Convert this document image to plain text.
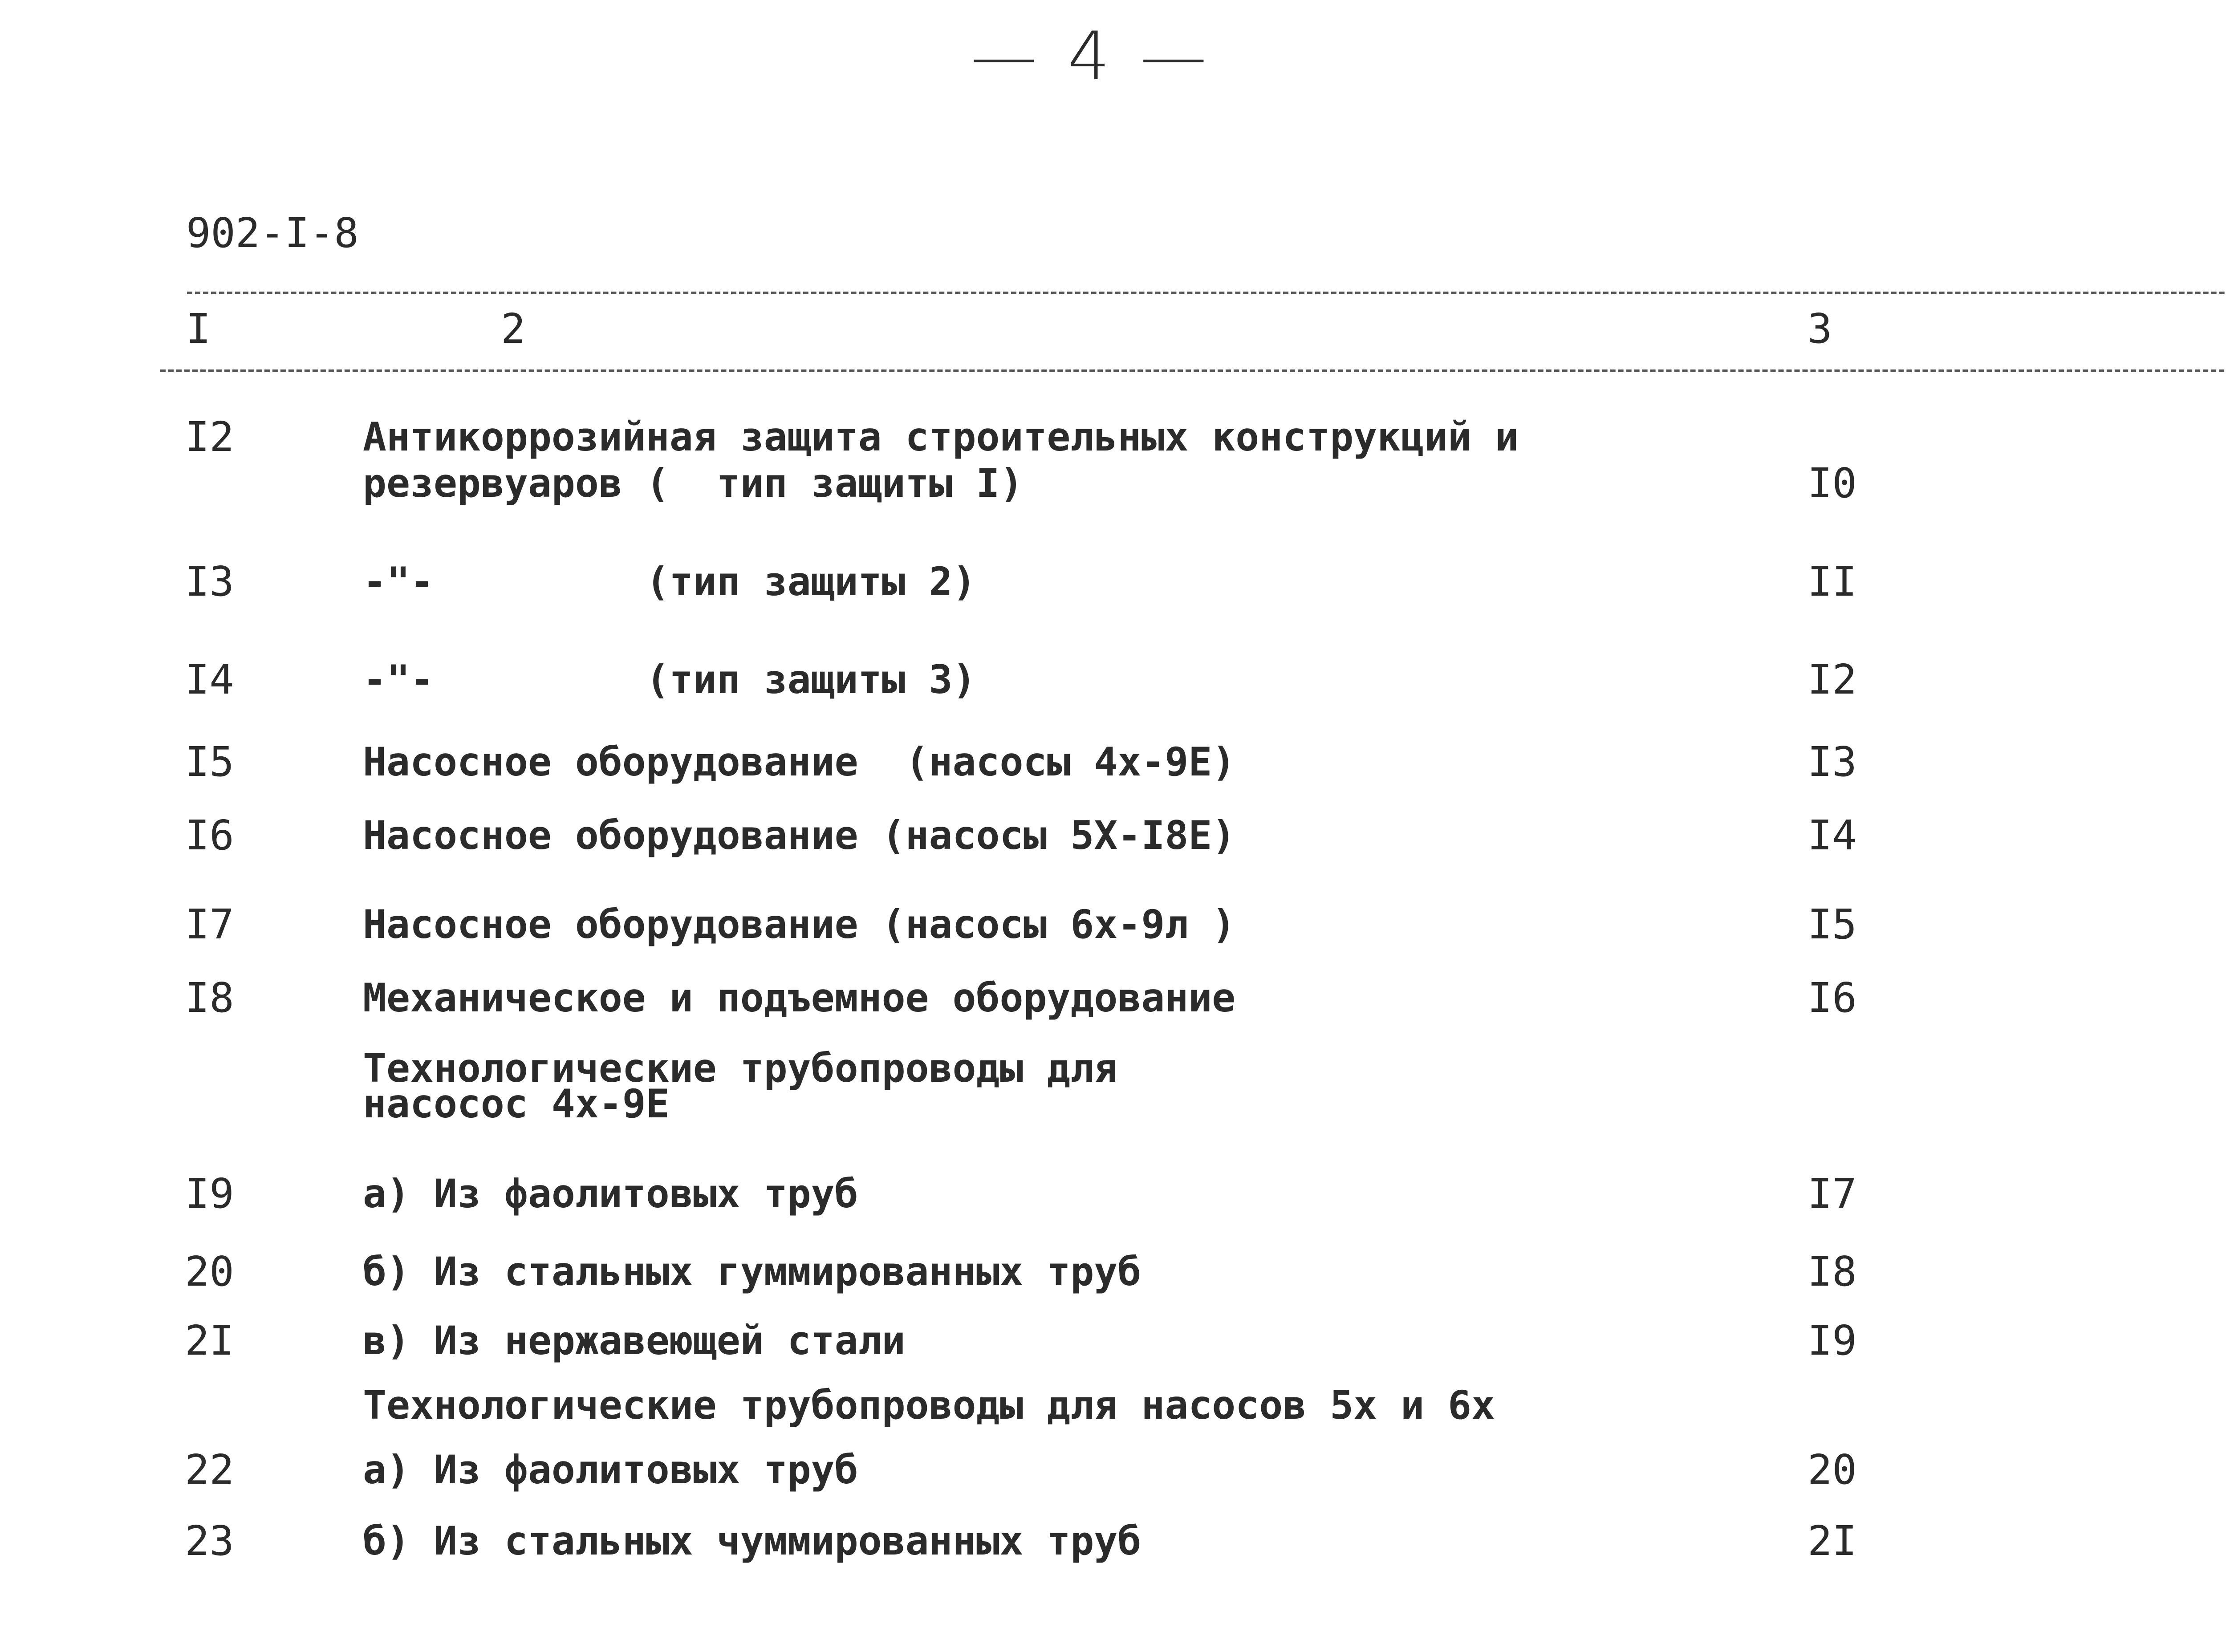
— 4 —
902-I-8
I	2	3
I2	Антикоррозийная защита строительных конструкций и
резервуаров (  тип защиты I)	I0
I3	-"-         (тип защиты 2)	II
I4	-"-         (тип защиты 3)	I2
I5	Насосное оборудование  (насосы 4х-9Е)	I3
I6	Насосное оборудование (насосы 5Х-I8Е)	I4
I7	Насосное оборудование (насосы 6х-9л )	I5
I8	Механическое и подъемное оборудование	I6
Технологические трубопроводы для
насосос 4х-9Е
I9	а) Из фаолитовых труб	I7
20	б) Из стальных гуммированных труб	I8
2I	в) Из нержавеющей стали	I9
Технологические трубопроводы для насосов 5х и 6х
22	а) Из фаолитовых труб	20
23	б) Из стальных чуммированных труб	2I
